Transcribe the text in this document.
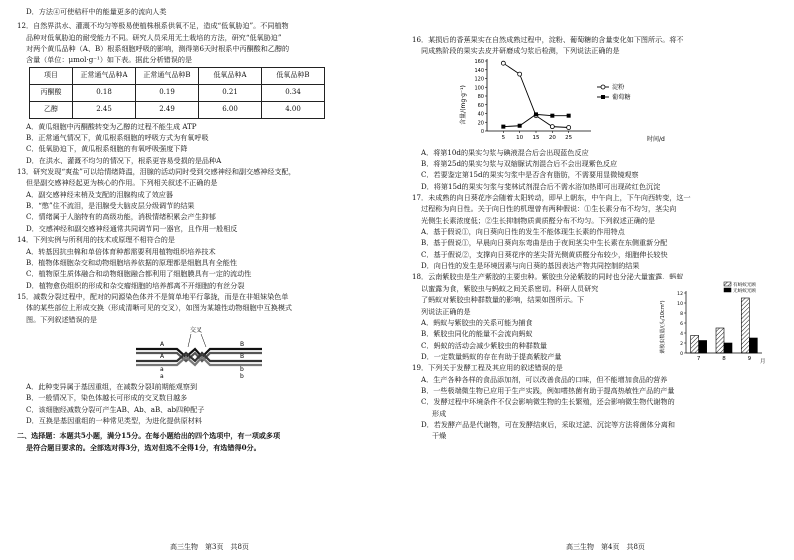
D．方法④可使秸秆中的能量更多的流向人类
12．自然界洪水、灌溉不均匀等极易使植株根系供氧不足，造成“低氧胁迫”。不同植物
品种对低氧胁迫的耐受能力不同。研究人员采用无土栽培的方法，研究“低氧胁迫”
对两个黄瓜品种（A、B）根系细胞呼吸的影响，测得第6天时根系中丙酮酸和乙醇的
含量（单位：μmol·g⁻¹）如下表。据此分析错误的是
项目	正常通气品种A	正常通气品种B	低氧品种A	低氧品种B
丙酮酸	0.18	0.19	0.21	0.34
乙醇	2.45	2.49	6.00	4.00
A．黄瓜细胞中丙酮酸转变为乙醇的过程不能生成 ATP
B．正常通气情况下，黄瓜根系细胞的呼吸方式为有氧呼吸
C．低氧胁迫下，黄瓜根系细胞的有氧呼吸强度下降
D．在洪水、灌溉不均匀的情况下，根系更容易受损的是品种A
13．研究发现“爽盐”可以给情绪降温，泪腺的活动同时受到交感神经和副交感神经支配，
但是副交感神经起更为核心的作用。下列相关叙述不正确的是
A．副交感神经末梢及支配的泪腺构成了效应器
B．“憋”住不流泪，是泪腺受大脑皮层分级调节的结果
C．情绪属于人脑特有的高级功能，消极情绪积累会产生抑郁
D．交感神经和副交感神经通常共同调节同一器官，且作用一般相反
14．下列实例与所利用的技术或原理不相符合的是
A．转基因抗虫棉和单倍体育种都需要利用植物组织培养技术
B．植物体细胞杂交和动物细胞培养依据的原理都是细胞具有全能性
C．植物原生质体融合和动物细胞融合都利用了细胞膜具有一定的流动性
D．植物愈伤组织的形成和杂交瘤细胞的培养都离不开细胞的有丝分裂
15．减数分裂过程中，配对的同源染色体并不是简单地平行靠拢，而是在非姐妹染色单
体的某些部位上形成交换（形成清晰可见的交叉），如图为某雄性动物细胞中互换模式
图。下列叙述错误的是
交叉
A
A
B
B
a
a
b
b
A．此种变异属于基因重组，在减数分裂Ⅰ前期能观察到
B．一般情况下，染色体越长可形成的交叉数目越多
C．该细胞经减数分裂可产生AB、Ab、aB、ab四种配子
D．互换是基因重组的一种常见类型，为进化提供原材料
二、选择题：本题共5小题，满分15分。在每小题给出的四个选项中，有一项或多项
是符合题目要求的。全部选对得3分，选对但选不全得1分，有选错得0分。
高三生物　第3页　共8页
16．某损后的香蕉果实在自然成熟过程中，淀粉、葡萄糖的含量变化如下图所示。将不
同成熟阶段的果实去皮并研磨成匀浆后检测，下列说法正确的是
含量/(mg·g⁻¹)
时间/d
0
20
40
60
80
100
120
140
160
5 10 15 20 25
淀粉
葡萄糖
A．将第10d的果实匀浆与碘液混合后会出现蓝色反应
B．将第25d的果实匀浆与双缩脲试剂混合后不会出现紫色反应
C．若要鉴定第15d的果实匀浆中是否含有脂肪，不需要用显微镜观察
D．将第15d的果实匀浆与斐林试剂混合后不需水浴加热即可出现砖红色沉淀
17．未成熟的向日葵花序会随着太阳转动，即早上朝东，中午向上，下午向西转变，这一
过程称为向日性。关于向日性的机理曾有两种假说：①生长素分布不均匀，茎尖向
光侧生长素浓度低；②生长抑制物质黄质醛分布不均匀。下列叙述正确的是
A．基于假说①，向日葵向日性的发生不能体现生长素的作用特点
B．基于假说①，早晨向日葵向东弯曲是由于夜间茎尖中生长素在东侧重新分配
C．基于假说②，支撑向日葵花序的茎尖背光侧黄质醛分布较少，细胞伸长较快
D．向日性的发生是环境因素与向日葵的基因表达产物共同控制的结果
18．云南紫胶虫是生产紫胶的主要虫种。紫胶虫分泌紫胶的同时也分泌大量蜜露，蚂蚁
以蜜露为食，紫胶虫与蚂蚁之间关系密切。科研人员研究
了蚂蚁对紫胶虫种群数量的影响，结果如图所示。下
列说法正确的是
A．蚂蚁与紫胶虫的关系可能为捕食
B．紫胶虫同化的能量不会流向蚂蚁
C．蚂蚁的活动会减少紫胶虫的种群数量
D．一定数量蚂蚁的存在有助于提高紫胶产量
紫胶虫数量/(头/10cm²)
月
0
2
4
6
8
10
12
7	8	9
有蚂蚁光顾
无蚂蚁光顾
19．下列关于发酵工程及其应用的叙述错误的是
A．生产各种各样的食品添加剂，可以改善食品的口味，但不能增加食品的营养
B．一些极端微生物已应用于生产实践，例如嗜热菌有助于提高热敏性产品的产量
C．发酵过程中环境条件不仅会影响微生物的生长繁殖，还会影响微生物代谢物的
形成
D．若发酵产品是代谢物，可在发酵结束后，采取过滤、沉淀等方法将菌体分离和
干燥
高三生物　第4页　共8页
